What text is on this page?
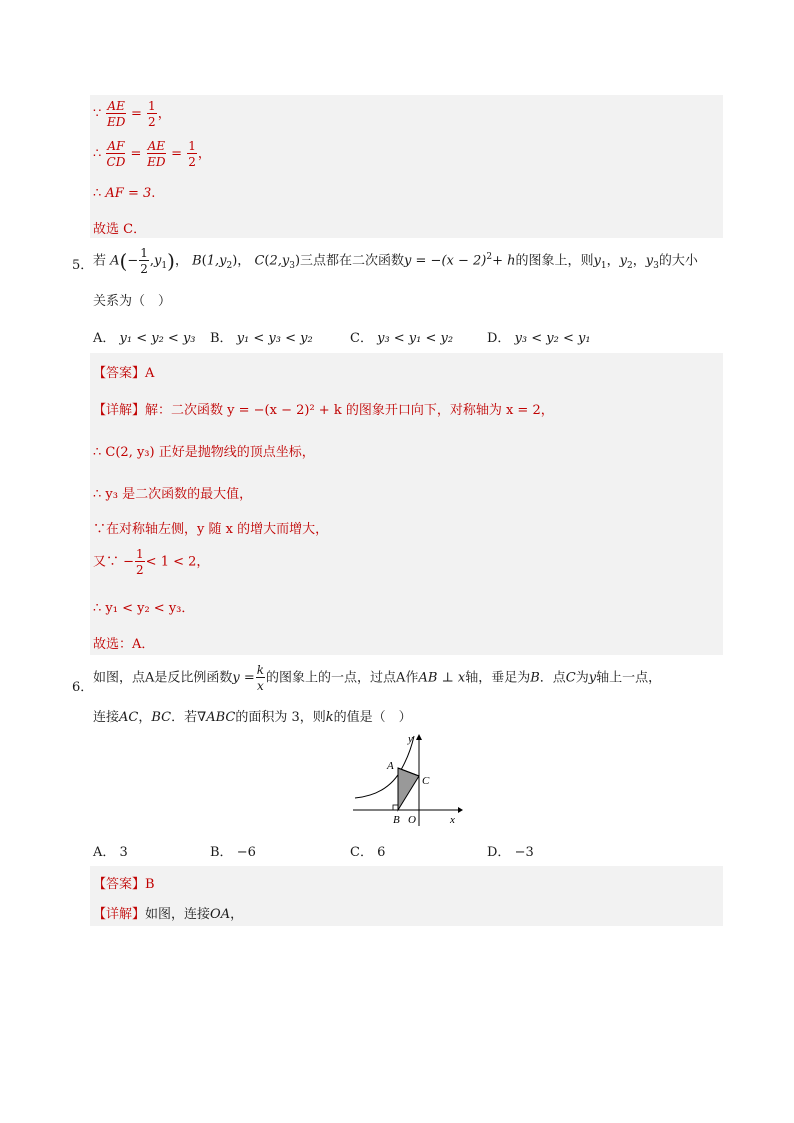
∵ $\frac{AE}{ED} = \frac{1}{2}$ ，
∴ $\frac{AF}{CD} = \frac{AE}{ED} = \frac{1}{2}$ ，
∴ AF = 3.
故选 C．
5． 若 $A(- \frac{1}{2} ,y_1)$， $B(1,y_2)$， $C(2,y_3)$三点都在二次函数$y = -(x - 2)^2+ h$的图象上，则$y_1$，$y_2$，$y_3$的大小
关系为（　）
A． y₁ < y₂ < y₃ B． y₁ < y₃ < y₂	C． y₃ < y₁ < y₂	D． y₃ < y₂ < y₁
【答案】A
【详解】解：二次函数 y = −(x − 2)² + k 的图象开口向下，对称轴为 x = 2，
∴ C(2, y₃) 正好是抛物线的顶点坐标，
∴ y₃ 是二次函数的最大值，
∵在对称轴左侧，y 随 x 的增大而增大，
又∵ − $\frac{1}{2} < 1 < 2$，
∴ y₁ < y₂ < y₃．
故选：A．
6．
如图，点A是反比例函数$y = \frac{k}{x}$ 的图象上的一点，过点A作AB ⊥ x轴，垂足为B．点C为y轴上一点，
连接AC，BC．若∇ABC的面积为 3，则k的值是（　）
y
x
A
B
C
O
A． 3	B． −6	C． 6	D． −3
【答案】B
【详解】如图，连接OA，
